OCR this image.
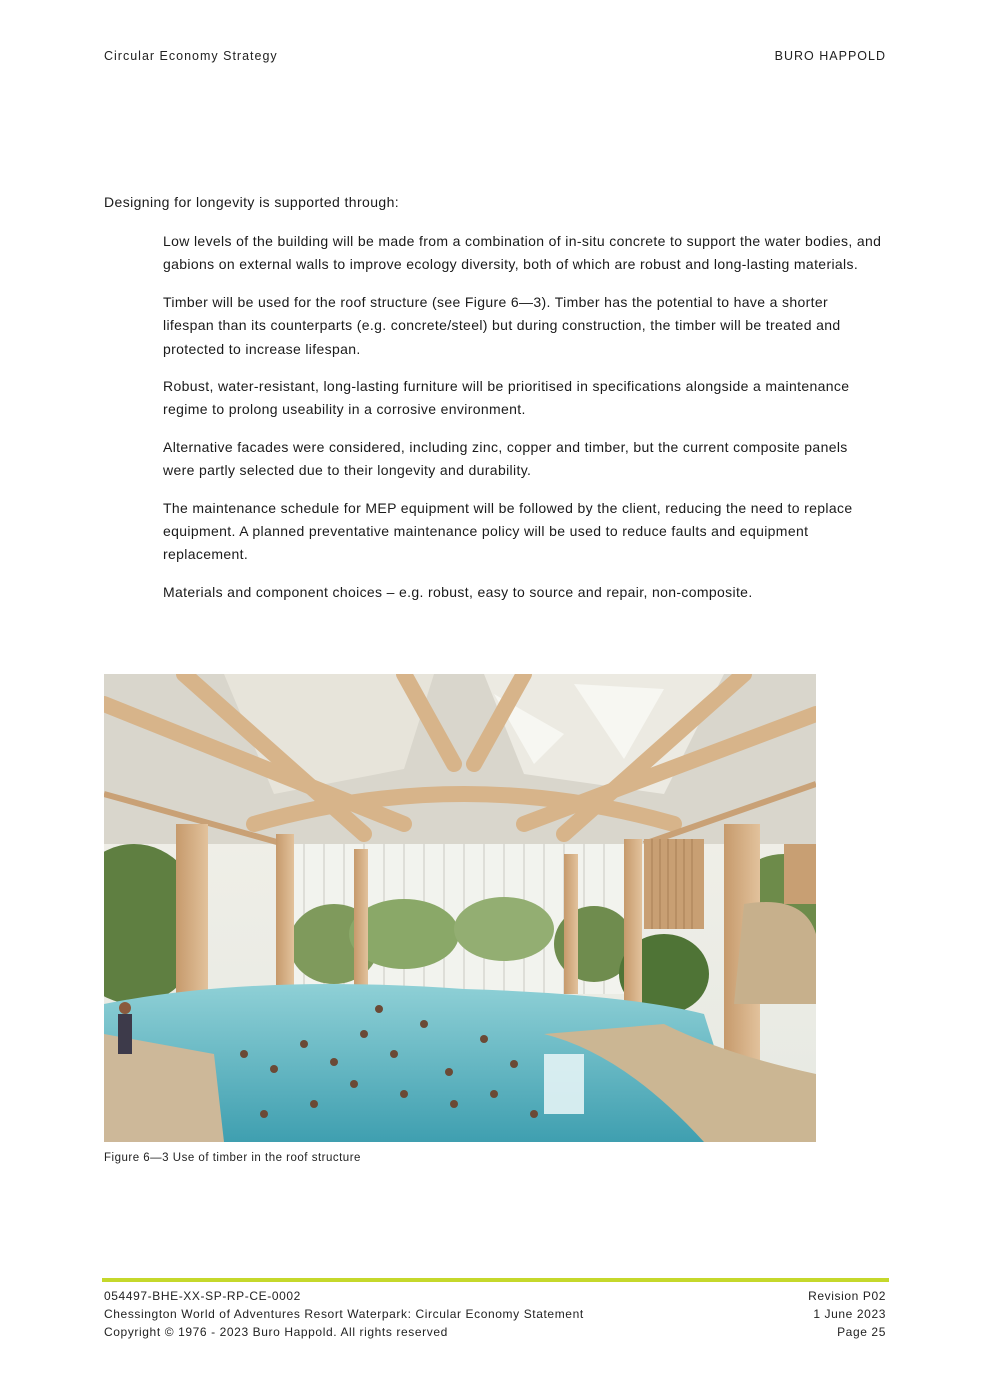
Circular Economy Strategy	BURO HAPPOLD
Designing for longevity is supported through:
Low levels of the building will be made from a combination of in-situ concrete to support the water bodies, and gabions on external walls to improve ecology diversity, both of which are robust and long-lasting materials.
Timber will be used for the roof structure (see Figure 6—3). Timber has the potential to have a shorter lifespan than its counterparts (e.g. concrete/steel) but during construction, the timber will be treated and protected to increase lifespan.
Robust, water-resistant, long-lasting furniture will be prioritised in specifications alongside a maintenance regime to prolong useability in a corrosive environment.
Alternative facades were considered, including zinc, copper and timber, but the current composite panels were partly selected due to their longevity and durability.
The maintenance schedule for MEP equipment will be followed by the client, reducing the need to replace equipment. A planned preventative maintenance policy will be used to reduce faults and equipment replacement.
Materials and component choices – e.g. robust, easy to source and repair, non-composite.
Figure 6—3 Use of timber in the roof structure
054497-BHE-XX-SP-RP-CE-0002
Chessington World of Adventures Resort Waterpark: Circular Economy Statement
Copyright © 1976 - 2023 Buro Happold. All rights reserved
Revision P02
1 June 2023
Page 25
